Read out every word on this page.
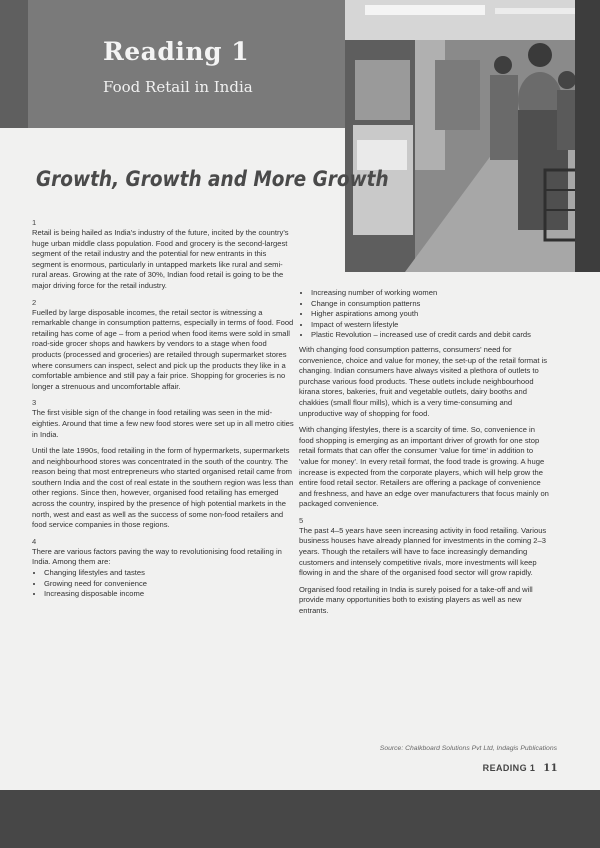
Reading 1
Food Retail in India
Growth, Growth and More Growth
1

Retail is being hailed as India's industry of the future, incited by the country's huge urban middle class population. Food and grocery is the second-largest segment of the retail industry and the potential for new entrants in this segment is enormous, particularly in untapped markets like rural and semi-rural areas. Growing at the rate of 30%, Indian food retail is going to be the major driving force for the retail industry.

2

Fuelled by large disposable incomes, the retail sector is witnessing a remarkable change in consumption patterns, especially in terms of food. Food retailing has come of age – from a period when food items were sold in small road-side grocer shops and hawkers by vendors to a stage when food products (processed and groceries) are retailed through supermarket stores where consumers can inspect, select and pick up the products they like in a comfortable ambience and still pay a fair price. Shopping for groceries is no longer a strenuous and uncomfortable affair.

3

The first visible sign of the change in food retailing was seen in the mid-eighties. Around that time a few new food stores were set up in all metro cities in India.

Until the late 1990s, food retailing in the form of hypermarkets, supermarkets and neighbourhood stores was concentrated in the south of the country. The reason being that most entrepreneurs who started organised retail came from southern India and the cost of real estate in the southern region was less than other regions. Since then, however, organised food retailing has emerged across the country, inspired by the presence of high potential markets in the north, west and east as well as the success of some non-food retailers and food service companies in those regions.

4

There are various factors paving the way to revolutionising food retailing in India. Among them are:

• Changing lifestyles and tastes
• Growing need for convenience
• Increasing disposable income
• Increasing number of working women
• Change in consumption patterns
• Higher aspirations among youth
• Impact of western lifestyle
• Plastic Revolution – increased use of credit cards and debit cards

With changing food consumption patterns, consumers' need for convenience, choice and value for money, the set-up of the retail format is changing. Indian consumers have always visited a plethora of outlets to purchase various food products. These outlets include neighbourhood kirana stores, bakeries, fruit and vegetable outlets, dairy booths and chakkies (small flour mills), which is a very time-consuming and unproductive way of shopping for food.

With changing lifestyles, there is a scarcity of time. So, convenience in food shopping is emerging as an important driver of growth for one stop retail formats that can offer the consumer 'value for time' in addition to 'value for money'. In every retail format, the food trade is growing. A huge increase is expected from the corporate players, which will help grow the entire food retail sector. Retailers are offering a package of convenience and freshness, and have an edge over manufacturers that focus mainly on packaged convenience.

5

The past 4–5 years have seen increasing activity in food retailing. Various business houses have already planned for investments in the coming 2–3 years. Though the retailers will have to face increasingly demanding customers and intensely competitive rivals, more investments will keep flowing in and the share of the organised food sector will grow rapidly.

Organised food retailing in India is surely poised for a take-off and will provide many opportunities both to existing players as well as new entrants.

Source: Chalkboard Solutions Pvt Ltd, Indagis Publications
READING 1 11
